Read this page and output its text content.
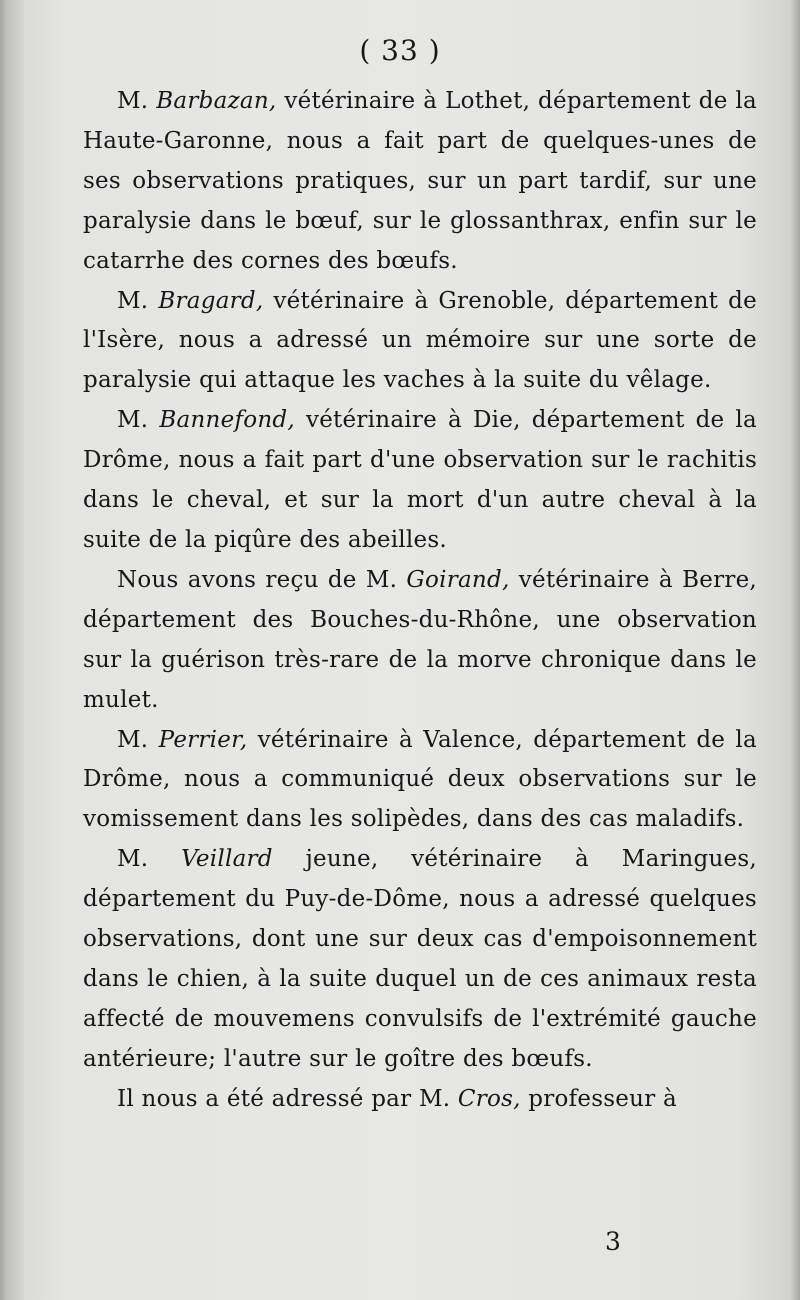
( 33 )

M. Barbazan, vétérinaire à Lothet, département de la Haute-Garonne, nous a fait part de quelques-unes de ses observations pratiques, sur un part tardif, sur une paralysie dans le bœuf, sur le glossanthrax, enfin sur le catarrhe des cornes des bœufs.

M. Bragard, vétérinaire à Grenoble, département de l'Isère, nous a adressé un mémoire sur une sorte de paralysie qui attaque les vaches à la suite du vêlage.

M. Bannefond, vétérinaire à Die, département de la Drôme, nous a fait part d'une observation sur le rachitis dans le cheval, et sur la mort d'un autre cheval à la suite de la piqûre des abeilles.

Nous avons reçu de M. Goirand, vétérinaire à Berre, département des Bouches-du-Rhône, une observation sur la guérison très-rare de la morve chronique dans le mulet.

M. Perrier, vétérinaire à Valence, département de la Drôme, nous a communiqué deux observations sur le vomissement dans les solipèdes, dans des cas maladifs.

M. Veillard jeune, vétérinaire à Maringues, département du Puy-de-Dôme, nous a adressé quelques observations, dont une sur deux cas d'empoisonnement dans le chien, à la suite duquel un de ces animaux resta affecté de mouvemens convulsifs de l'extrémité gauche antérieure; l'autre sur le goître des bœufs.

Il nous a été adressé par M. Cros, professeur à

3
